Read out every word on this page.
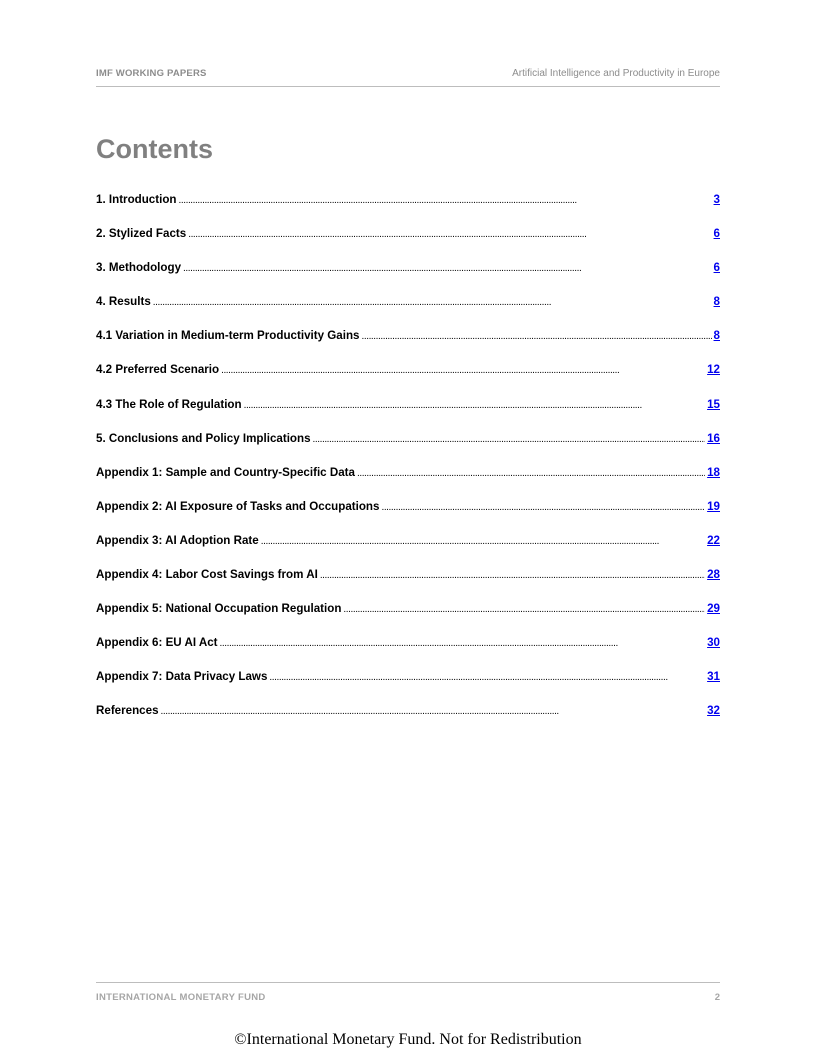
IMF WORKING PAPERS	Artificial Intelligence and Productivity in Europe
Contents
1. Introduction . . .	3
2. Stylized Facts . . .	6
3. Methodology . . .	6
4. Results . . .	8
4.1 Variation in Medium-term Productivity Gains . . .	8
4.2 Preferred Scenario . . .	12
4.3 The Role of Regulation . . .	15
5. Conclusions and Policy Implications . . .	16
Appendix 1: Sample and Country-Specific Data . . .	18
Appendix 2: AI Exposure of Tasks and Occupations . . .	19
Appendix 3: AI Adoption Rate . . .	22
Appendix 4: Labor Cost Savings from AI . . .	28
Appendix 5: National Occupation Regulation . . .	29
Appendix 6: EU AI Act . . .	30
Appendix 7: Data Privacy Laws . . .	31
References . . .	32
INTERNATIONAL MONETARY FUND	2
©International Monetary Fund. Not for Redistribution
